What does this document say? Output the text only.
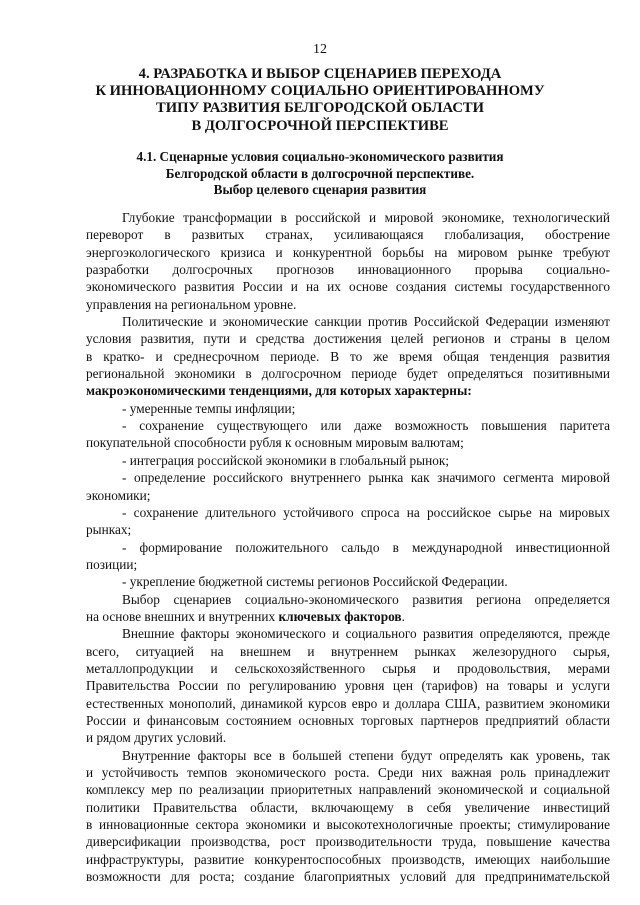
12
4. РАЗРАБОТКА И ВЫБОР СЦЕНАРИЕВ ПЕРЕХОДА
К ИННОВАЦИОННОМУ СОЦИАЛЬНО ОРИЕНТИРОВАННОМУ
ТИПУ РАЗВИТИЯ БЕЛГОРОДСКОЙ ОБЛАСТИ
В ДОЛГОСРОЧНОЙ ПЕРСПЕКТИВЕ
4.1. Сценарные условия социально-экономического развития
Белгородской области в долгосрочной перспективе.
Выбор целевого сценария развития
Глубокие трансформации в российской и мировой экономике, технологический
переворот в развитых странах, усиливающаяся глобализация, обострение
энергоэкологического кризиса и конкурентной борьбы на мировом рынке требуют
разработки долгосрочных прогнозов инновационного прорыва социально-
экономического развития России и на их основе создания системы государственного
управления на региональном уровне.
Политические и экономические санкции против Российской Федерации изменяют
условия развития, пути и средства достижения целей регионов и страны в целом
в кратко- и среднесрочном периоде. В то же время общая тенденция развития
региональной экономики в долгосрочном периоде будет определяться позитивными
макроэкономическими тенденциями, для которых характерны:
- умеренные темпы инфляции;
- сохранение существующего или даже возможность повышения паритета
покупательной способности рубля к основным мировым валютам;
- интеграция российской экономики в глобальный рынок;
- определение российского внутреннего рынка как значимого сегмента мировой
экономики;
- сохранение длительного устойчивого спроса на российское сырье на мировых
рынках;
- формирование положительного сальдо в международной инвестиционной
позиции;
- укрепление бюджетной системы регионов Российской Федерации.
Выбор сценариев социально-экономического развития региона определяется
на основе внешних и внутренних ключевых факторов.
Внешние факторы экономического и социального развития определяются, прежде
всего, ситуацией на внешнем и внутреннем рынках железорудного сырья,
металлопродукции и сельскохозяйственного сырья и продовольствия, мерами
Правительства России по регулированию уровня цен (тарифов) на товары и услуги
естественных монополий, динамикой курсов евро и доллара США, развитием экономики
России и финансовым состоянием основных торговых партнеров предприятий области
и рядом других условий.
Внутренние факторы все в большей степени будут определять как уровень, так
и устойчивость темпов экономического роста. Среди них важная роль принадлежит
комплексу мер по реализации приоритетных направлений экономической и социальной
политики Правительства области, включающему в себя увеличение инвестиций
в инновационные сектора экономики и высокотехнологичные проекты; стимулирование
диверсификации производства, рост производительности труда, повышение качества
инфраструктуры, развитие конкурентоспособных производств, имеющих наибольшие
возможности для роста; создание благоприятных условий для предпринимательской
